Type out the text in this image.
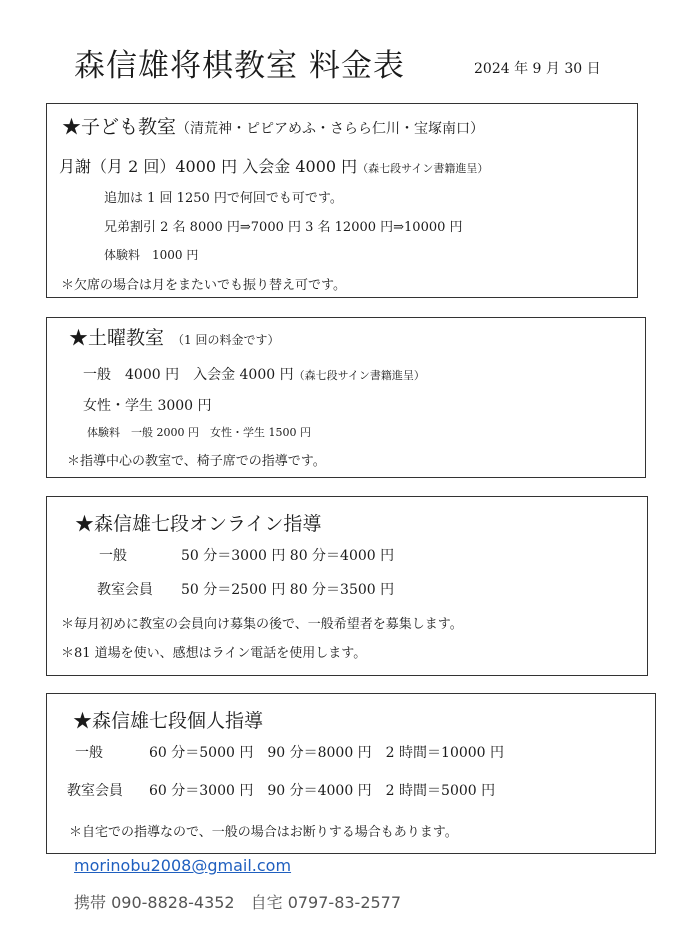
森信雄将棋教室 料金表	2024 年 9 月 30 日
★子ども教室（清荒神・ピピアめふ・さらら仁川・宝塚南口）
月謝（月 2 回）4000 円 入会金 4000 円（森七段サイン書籍進呈）
追加は 1 回 1250 円で何回でも可です。
兄弟割引 2 名 8000 円⇒7000 円 3 名 12000 円⇒10000 円
体験料　1000 円
＊欠席の場合は月をまたいでも振り替え可です。
★土曜教室 （1 回の料金です）
一般　4000 円　入会金 4000 円（森七段サイン書籍進呈）
女性・学生 3000 円
体験料　一般 2000 円　女性・学生 1500 円
＊指導中心の教室で、椅子席での指導です。
★森信雄七段オンライン指導
一般	50 分＝3000 円 80 分＝4000 円
教室会員 50 分＝2500 円 80 分＝3500 円
＊毎月初めに教室の会員向け募集の後で、一般希望者を募集します。
＊81 道場を使い、感想はライン電話を使用します。
★森信雄七段個人指導
一般	60 分＝5000 円　90 分＝8000 円　2 時間＝10000 円
教室会員 60 分＝3000 円　90 分＝4000 円　2 時間＝5000 円
＊自宅での指導なので、一般の場合はお断りする場合もあります。
morinobu2008@gmail.com
携帯 090-8828-4352　自宅 0797-83-2577
